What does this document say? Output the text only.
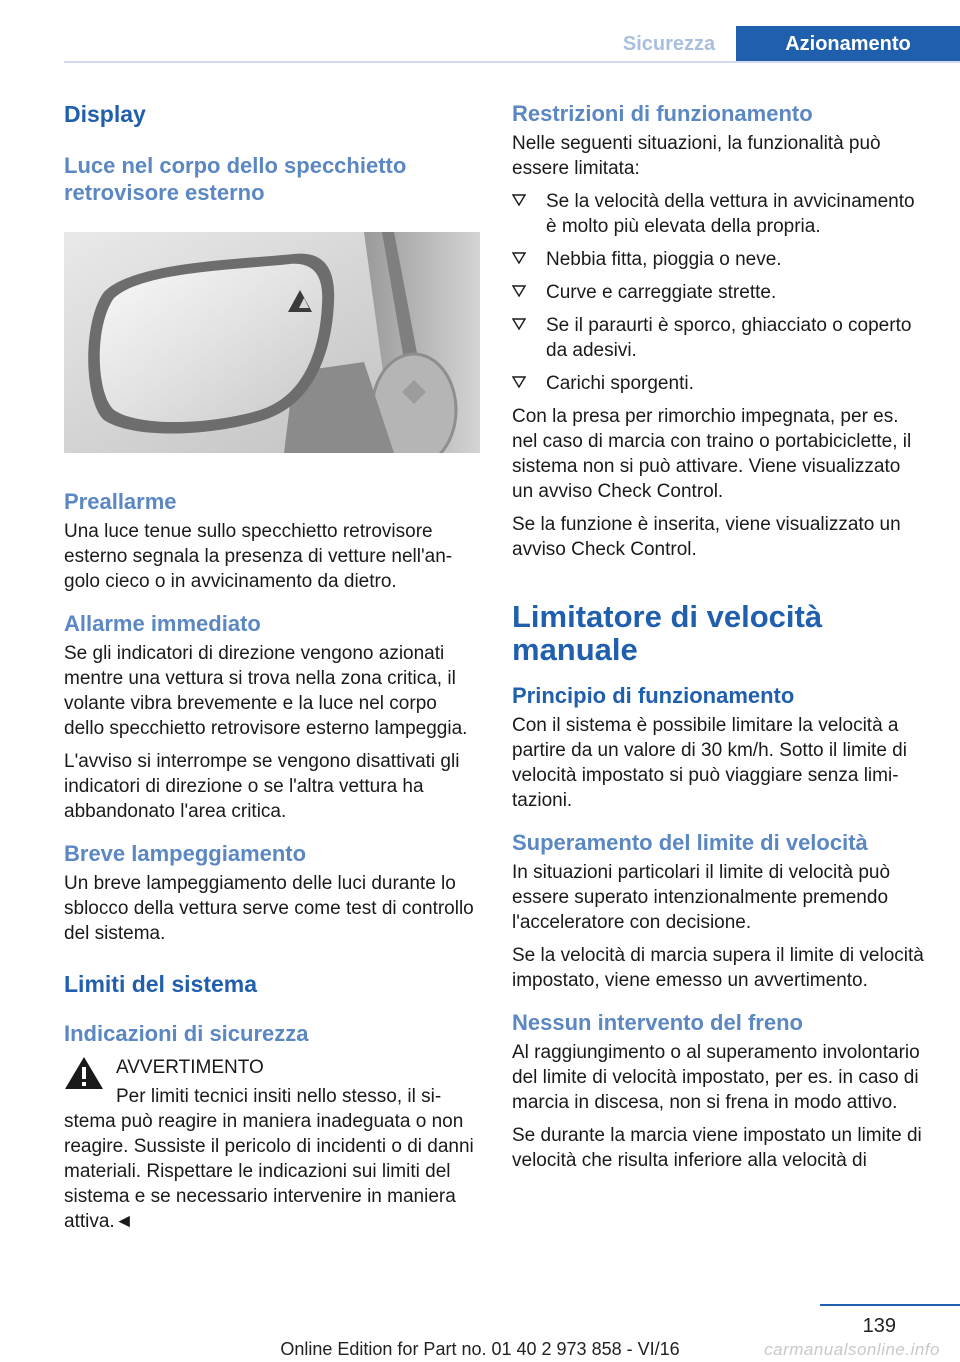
Sicurezza	Azionamento
Display
Luce nel corpo dello specchietto retrovisore esterno
Preallarme

Una luce tenue sullo specchietto retrovisore esterno segnala la presenza di vetture nell'angolo cieco o in avvicinamento da dietro.

Allarme immediato

Se gli indicatori di direzione vengono azionati mentre una vettura si trova nella zona critica, il volante vibra brevemente e la luce nel corpo dello specchietto retrovisore esterno lampeggia.

L'avviso si interrompe se vengono disattivati gli indicatori di direzione o se l'altra vettura ha abbandonato l'area critica.

Breve lampeggiamento

Un breve lampeggiamento delle luci durante lo sblocco della vettura serve come test di controllo del sistema.

Limiti del sistema
Indicazioni di sicurezza

AVVERTIMENTO

Per limiti tecnici insiti nello stesso, il sistema può reagire in maniera inadeguata o non reagire. Sussiste il pericolo di incidenti o di danni materiali. Rispettare le indicazioni sui limiti del sistema e se necessario intervenire in maniera attiva.◄

Restrizioni di funzionamento

Nelle seguenti situazioni, la funzionalità può essere limitata:

Se la velocità della vettura in avvicinamento è molto più elevata della propria.
Nebbia fitta, pioggia o neve.
Curve e carreggiate strette.
Se il paraurti è sporco, ghiacciato o coperto da adesivi.
Carichi sporgenti.

Con la presa per rimorchio impegnata, per es. nel caso di marcia con traino o portabiciclette, il sistema non si può attivare. Viene visualizzato un avviso Check Control.

Se la funzione è inserita, viene visualizzato un avviso Check Control.

Limitatore di velocità manuale
Principio di funzionamento

Con il sistema è possibile limitare la velocità a partire da un valore di 30 km/h. Sotto il limite di velocità impostato si può viaggiare senza limitazioni.

Superamento del limite di velocità

In situazioni particolari il limite di velocità può essere superato intenzionalmente premendo l'acceleratore con decisione.

Se la velocità di marcia supera il limite di velocità impostato, viene emesso un avvertimento.

Nessun intervento del freno

Al raggiungimento o al superamento involontario del limite di velocità impostato, per es. in caso di marcia in discesa, non si frena in modo attivo.

Se durante la marcia viene impostato un limite di velocità che risulta inferiore alla velocità di

139
Online Edition for Part no. 01 40 2 973 858 - VI/16	carmanualsonline.info
